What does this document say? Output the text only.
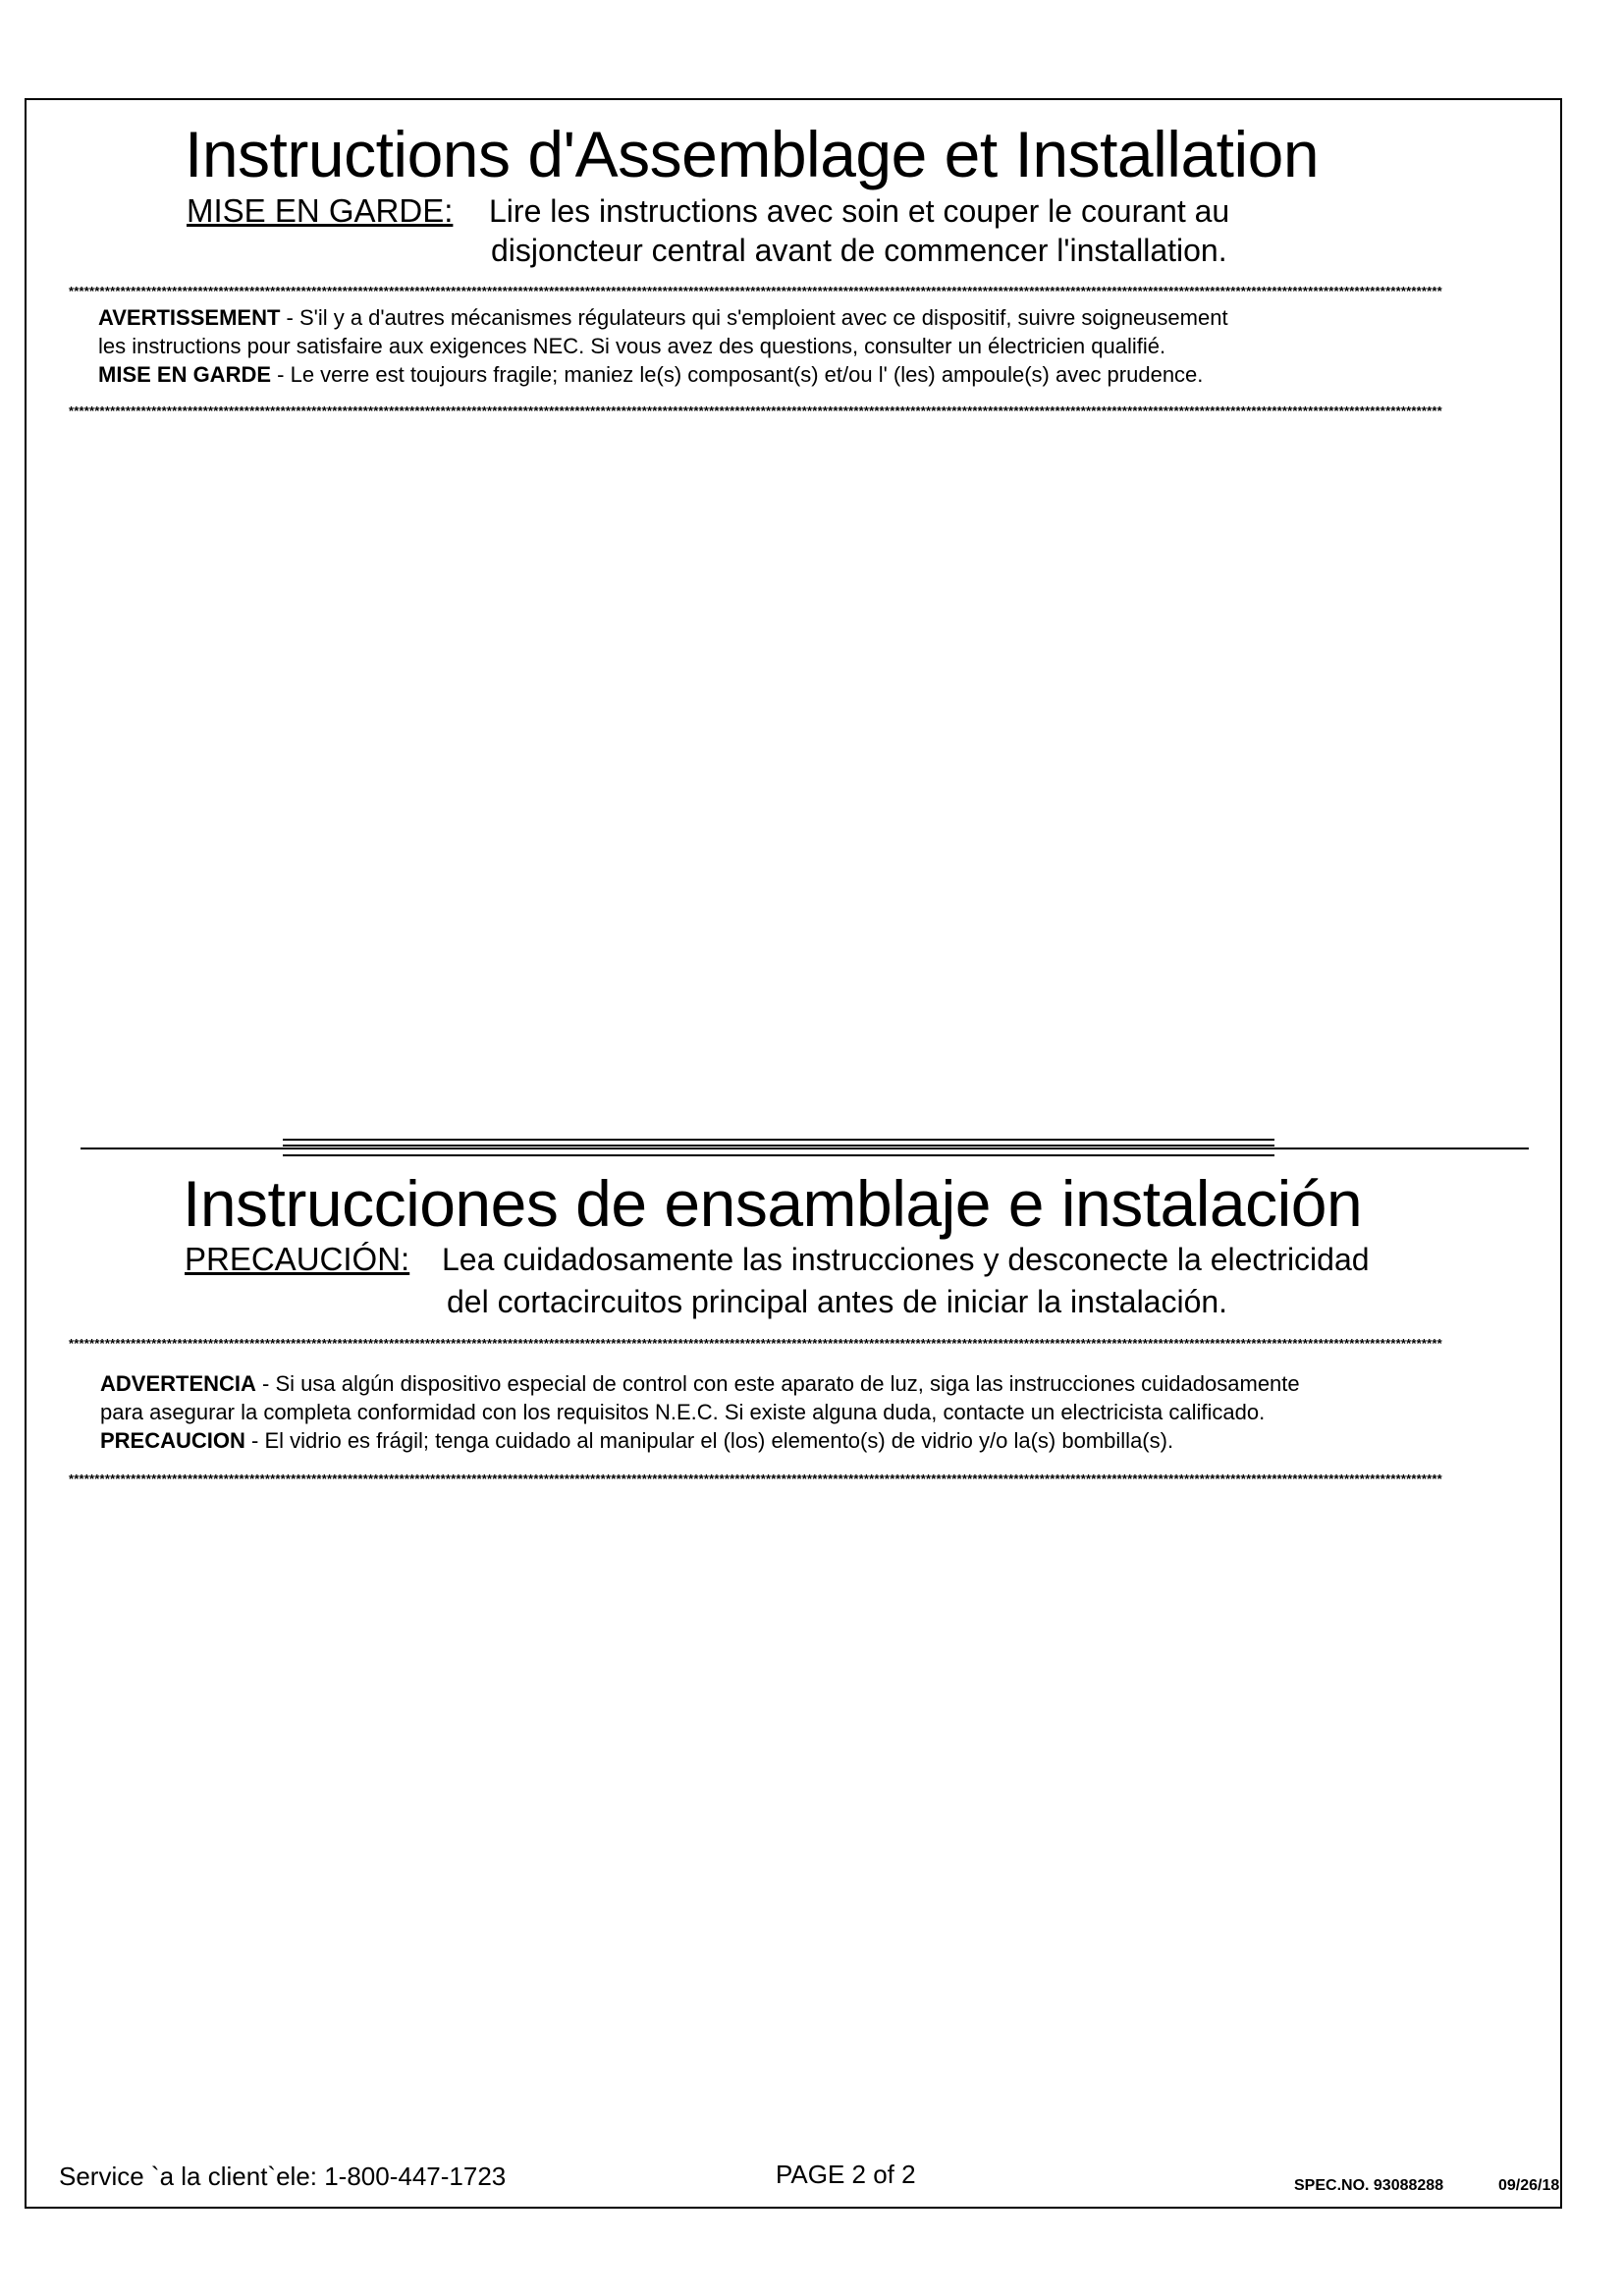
Instructions d'Assemblage et Installation
MISE EN GARDE: Lire les instructions avec soin et couper le courant au
disjoncteur central avant de commencer l'installation.
**************************************************************************************************************************************************************************************************************************************************************************
AVERTISSEMENT - S'il y a d'autres mécanismes régulateurs qui s'emploient avec ce dispositif, suivre soigneusement
les instructions pour satisfaire aux exigences NEC. Si vous avez des questions, consulter un électricien qualifié.
MISE EN GARDE - Le verre est toujours fragile; maniez le(s) composant(s) et/ou l' (les) ampoule(s) avec prudence.
**************************************************************************************************************************************************************************************************************************************************************************
Instrucciones de ensamblaje e instalación
PRECAUCIÓN: Lea cuidadosamente las instrucciones y desconecte la electricidad
del cortacircuitos principal antes de iniciar la instalación.
**************************************************************************************************************************************************************************************************************************************************************************
ADVERTENCIA - Si usa algún dispositivo especial de control con este aparato de luz, siga las instrucciones cuidadosamente
para asegurar la completa conformidad con los requisitos N.E.C. Si existe alguna duda, contacte un electricista calificado.
PRECAUCION - El vidrio es frágil; tenga cuidado al manipular el (los) elemento(s) de vidrio y/o la(s) bombilla(s).
**************************************************************************************************************************************************************************************************************************************************************************
Service `a la client`ele: 1-800-447-1723	PAGE 2 of 2	SPEC.NO. 93088288	09/26/18
